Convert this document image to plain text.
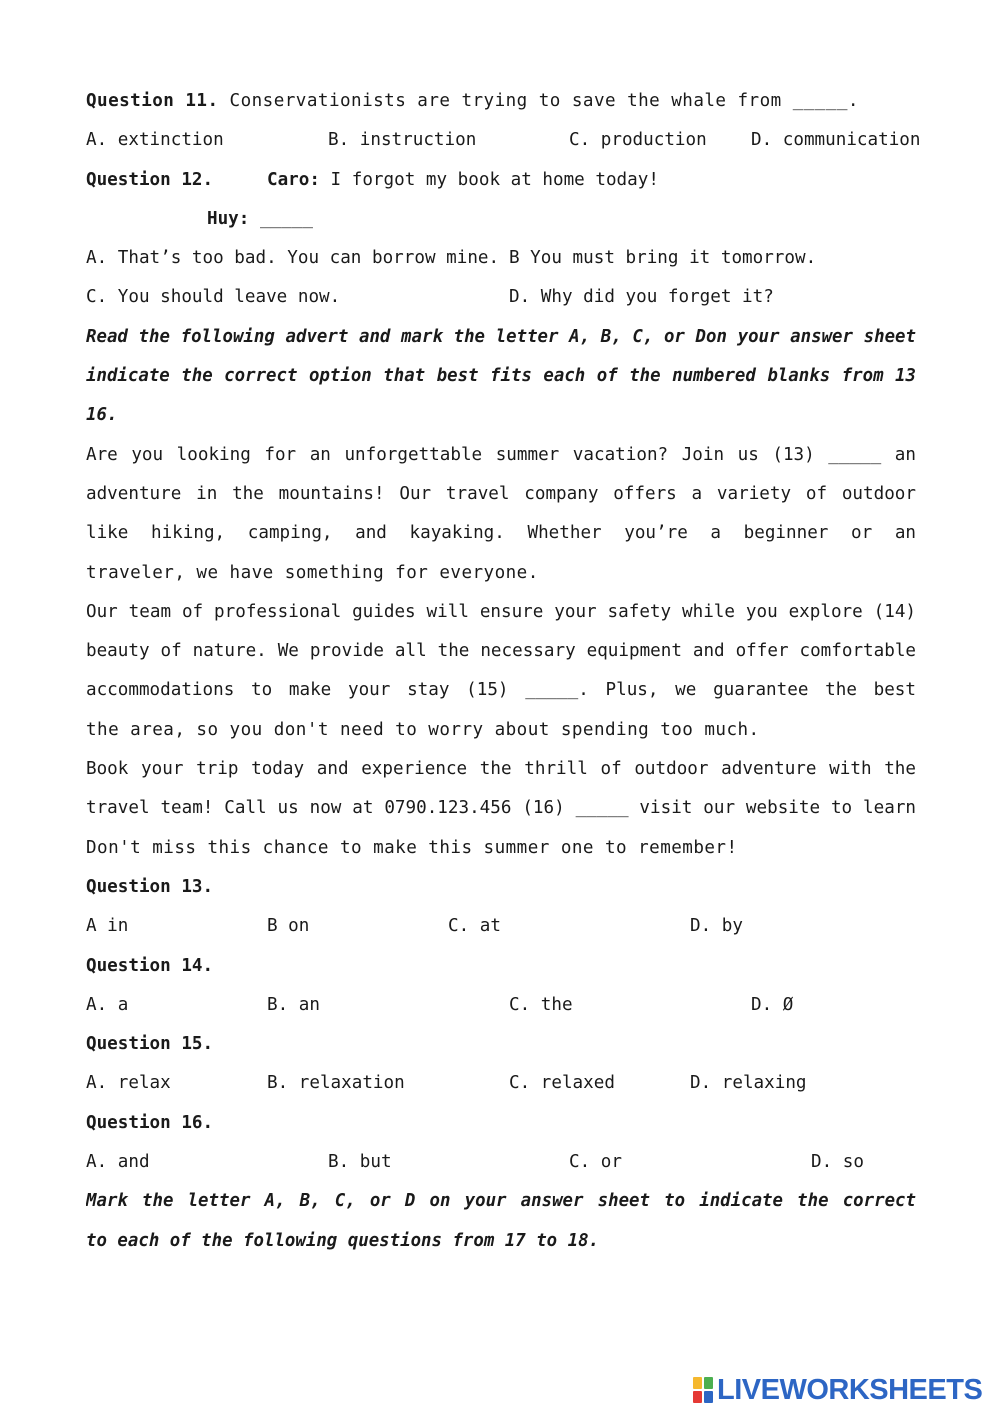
Question 11. Conservationists are trying to save the whale from _____.
A. extinction	B. instruction	C. production	D. communication
Question 12.	Caro: I forgot my book at home today!
Huy: _____
A. That’s too bad. You can borrow mine. B You must bring it tomorrow.
C. You should leave now.	D. Why did you forget it?
Read the following advert and mark the letter A, B, C, or Don your answer sheet
indicate the correct option that best fits each of the numbered blanks from 13
16.
Are you looking for an unforgettable summer vacation? Join us (13) _____ an
adventure in the mountains! Our travel company offers a variety of outdoor
like hiking, camping, and kayaking. Whether you’re a beginner or an
traveler, we have something for everyone.
Our team of professional guides will ensure your safety while you explore (14)
beauty of nature. We provide all the necessary equipment and offer comfortable
accommodations to make your stay (15) _____. Plus, we guarantee the best
the area, so you don't need to worry about spending too much.
Book your trip today and experience the thrill of outdoor adventure with the
travel team! Call us now at 0790.123.456 (16) _____ visit our website to learn
Don't miss this chance to make this summer one to remember!
Question 13.
A in	B on	C. at	D. by
Question 14.
A. a	B. an	C. the	D. Ø
Question 15.
A. relax	B. relaxation	C. relaxed	D. relaxing
Question 16.
A. and	B. but	C. or	D. so
Mark the letter A, B, C, or D on your answer sheet to indicate the correct
to each of the following questions from 17 to 18.
LIVEWORKSHEETS
